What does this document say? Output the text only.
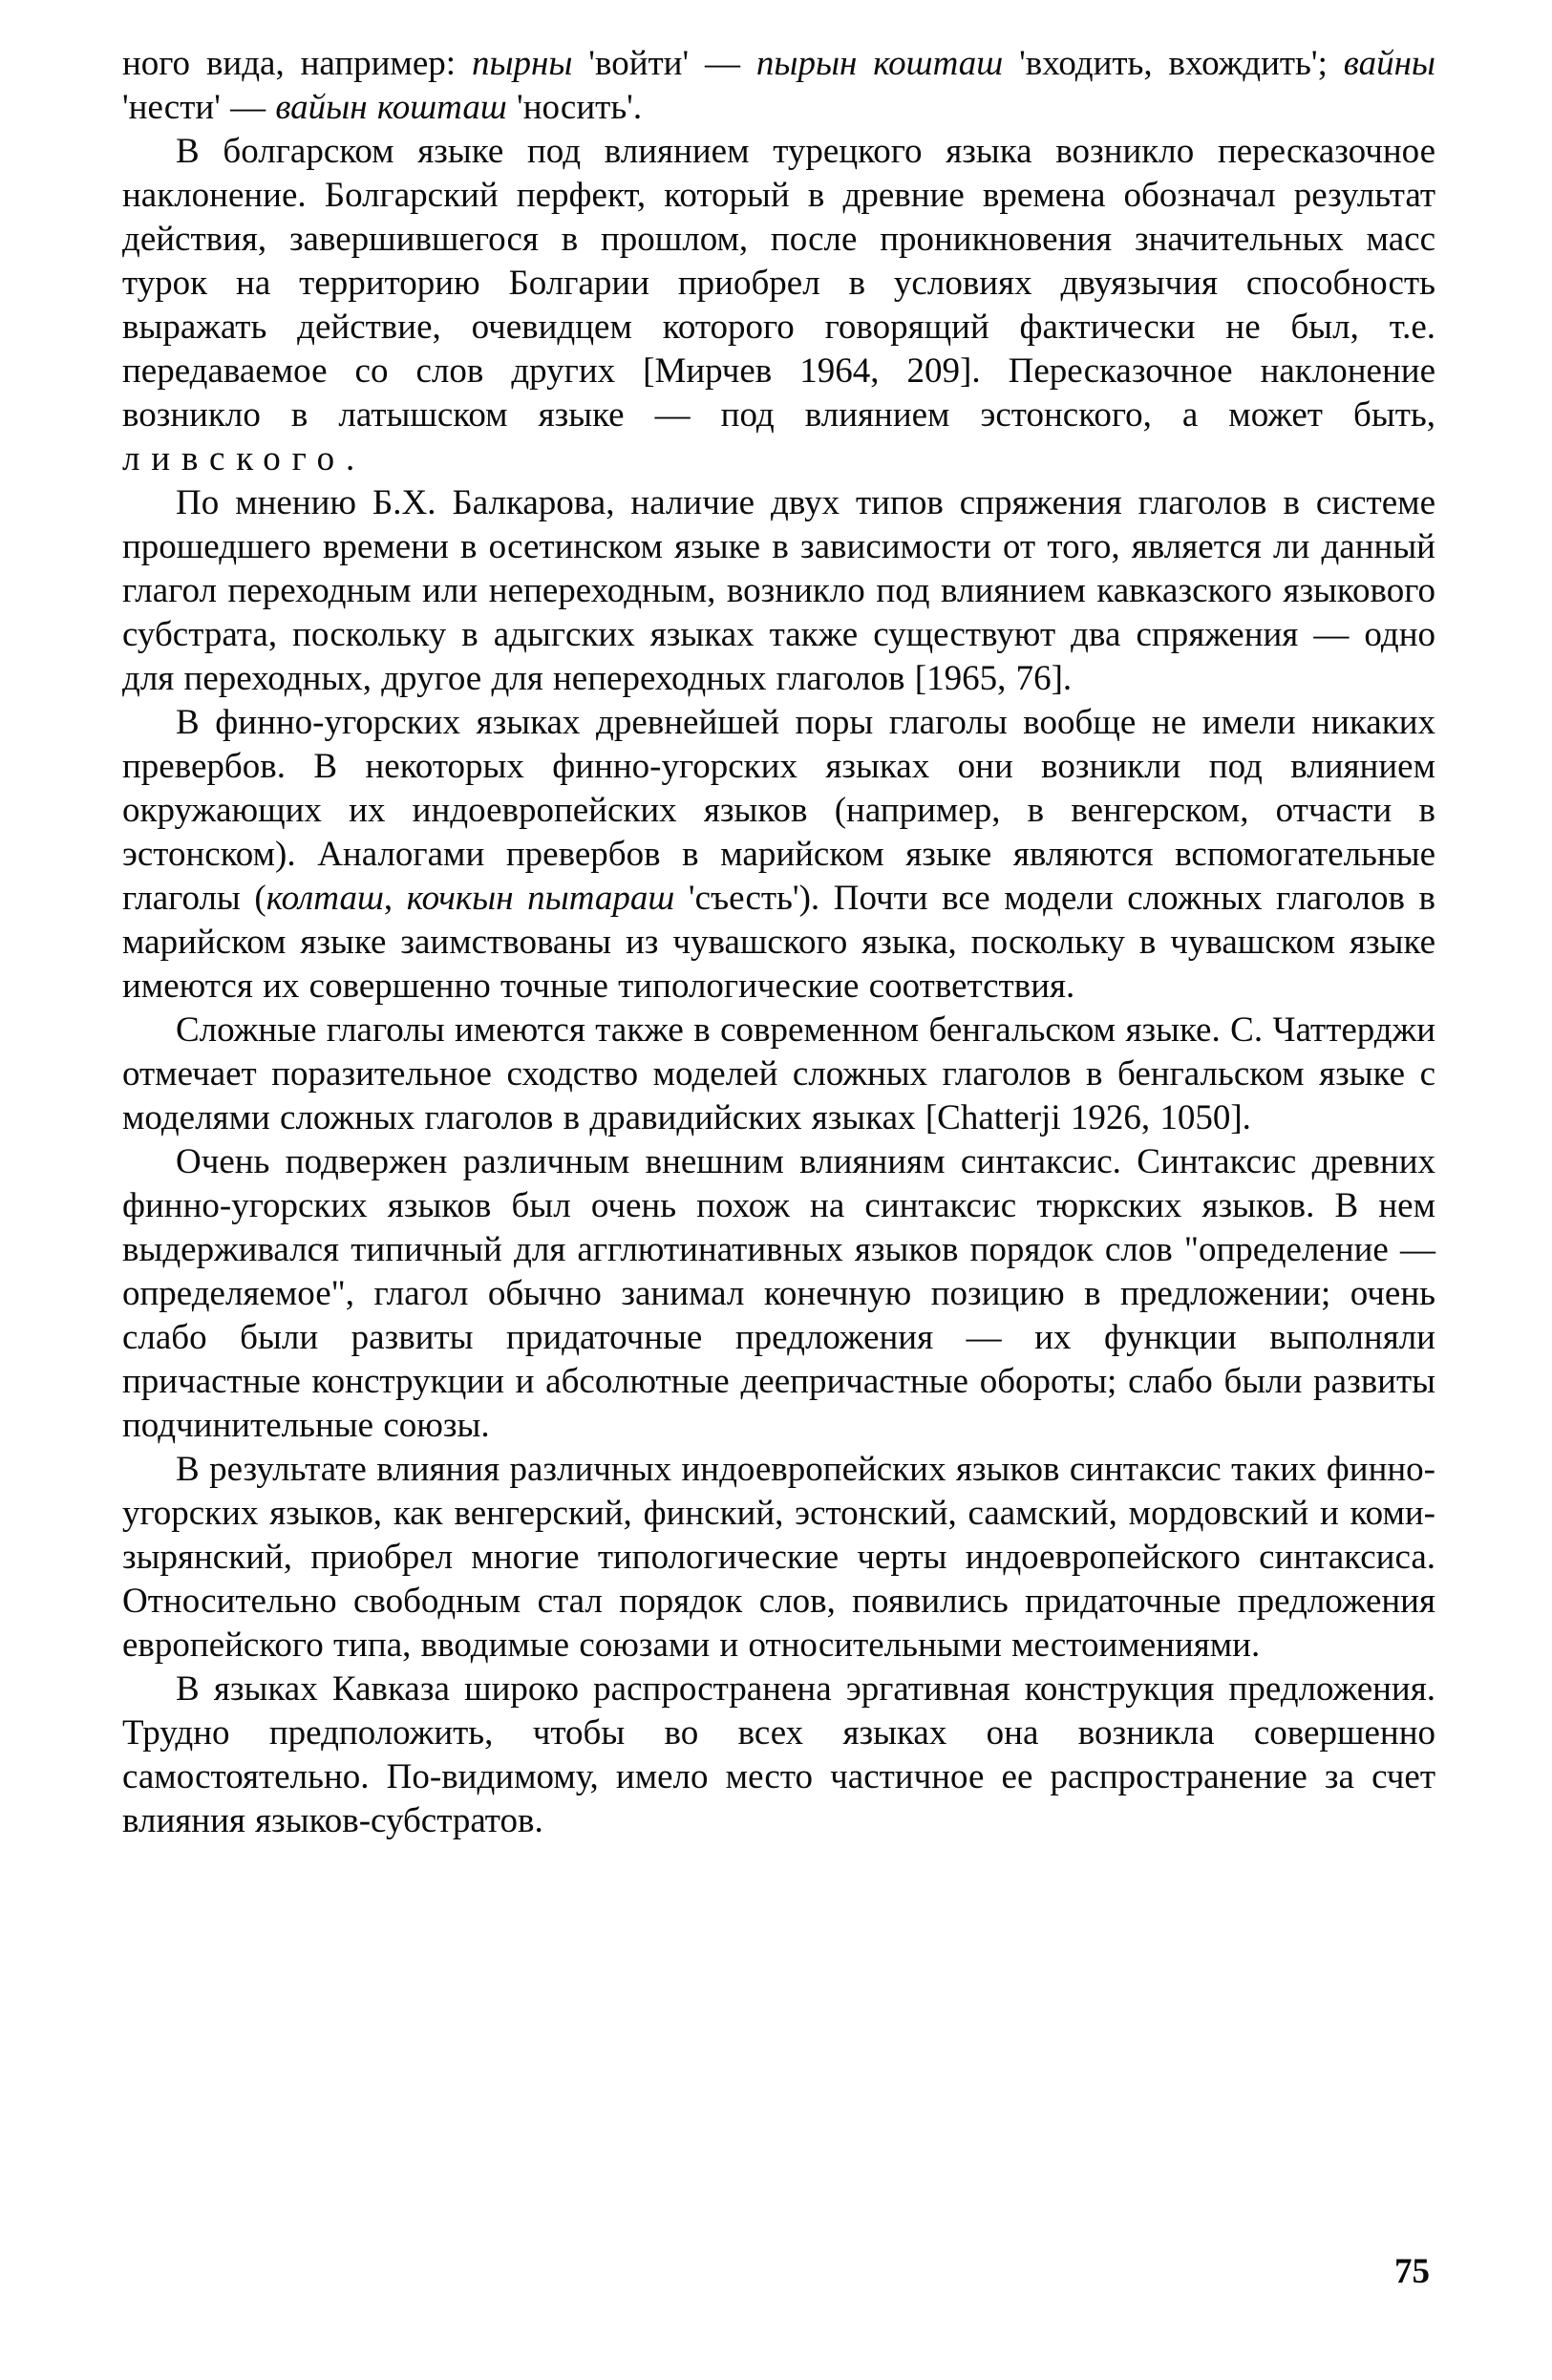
ного вида, например: пырны 'войти' — пырын кошташ 'входить, вхождить'; вайны 'нести' — вайын кошташ 'носить'.

В болгарском языке под влиянием турецкого языка возникло пересказочное наклонение. Болгарский перфект, который в древние времена обозначал результат действия, завершившегося в прошлом, после проникновения значительных масс турок на территорию Болгарии приобрел в условиях двуязычия способность выражать действие, очевидцем которого говорящий фактически не был, т.е. передаваемое со слов других [Мирчев 1964, 209]. Пересказочное наклонение возникло в латышском языке — под влиянием эстонского, а может быть, ливского.

По мнению Б.Х. Балкарова, наличие двух типов спряжения глаголов в системе прошедшего времени в осетинском языке в зависимости от того, является ли данный глагол переходным или непереходным, возникло под влиянием кавказского языкового субстрата, поскольку в адыгских языках также существуют два спряжения — одно для переходных, другое для непереходных глаголов [1965, 76].

В финно-угорских языках древнейшей поры глаголы вообще не имели никаких превербов. В некоторых финно-угорских языках они возникли под влиянием окружающих их индоевропейских языков (например, в венгерском, отчасти в эстонском). Аналогами превербов в марийском языке являются вспомогательные глаголы (колташ, кочкын пытараш 'съесть'). Почти все модели сложных глаголов в марийском языке заимствованы из чувашского языка, поскольку в чувашском языке имеются их совершенно точные типологические соответствия.

Сложные глаголы имеются также в современном бенгальском языке. С. Чаттерджи отмечает поразительное сходство моделей сложных глаголов в бенгальском языке с моделями сложных глаголов в дравидийских языках [Chatterji 1926, 1050].

Очень подвержен различным внешним влияниям синтаксис. Синтаксис древних финно-угорских языков был очень похож на синтаксис тюркских языков. В нем выдерживался типичный для агглютинативных языков порядок слов "определение — определяемое", глагол обычно занимал конечную позицию в предложении; очень слабо были развиты придаточные предложения — их функции выполняли причастные конструкции и абсолютные деепричастные обороты; слабо были развиты подчинительные союзы.

В результате влияния различных индоевропейских языков синтаксис таких финно-угорских языков, как венгерский, финский, эстонский, саамский, мордовский и коми-зырянский, приобрел многие типологические черты индоевропейского синтаксиса. Относительно свободным стал порядок слов, появились придаточные предложения европейского типа, вводимые союзами и относительными местоимениями.

В языках Кавказа широко распространена эргативная конструкция предложения. Трудно предположить, чтобы во всех языках она возникла совершенно самостоятельно. По-видимому, имело место частичное ее распространение за счет влияния языков-субстратов.

75
